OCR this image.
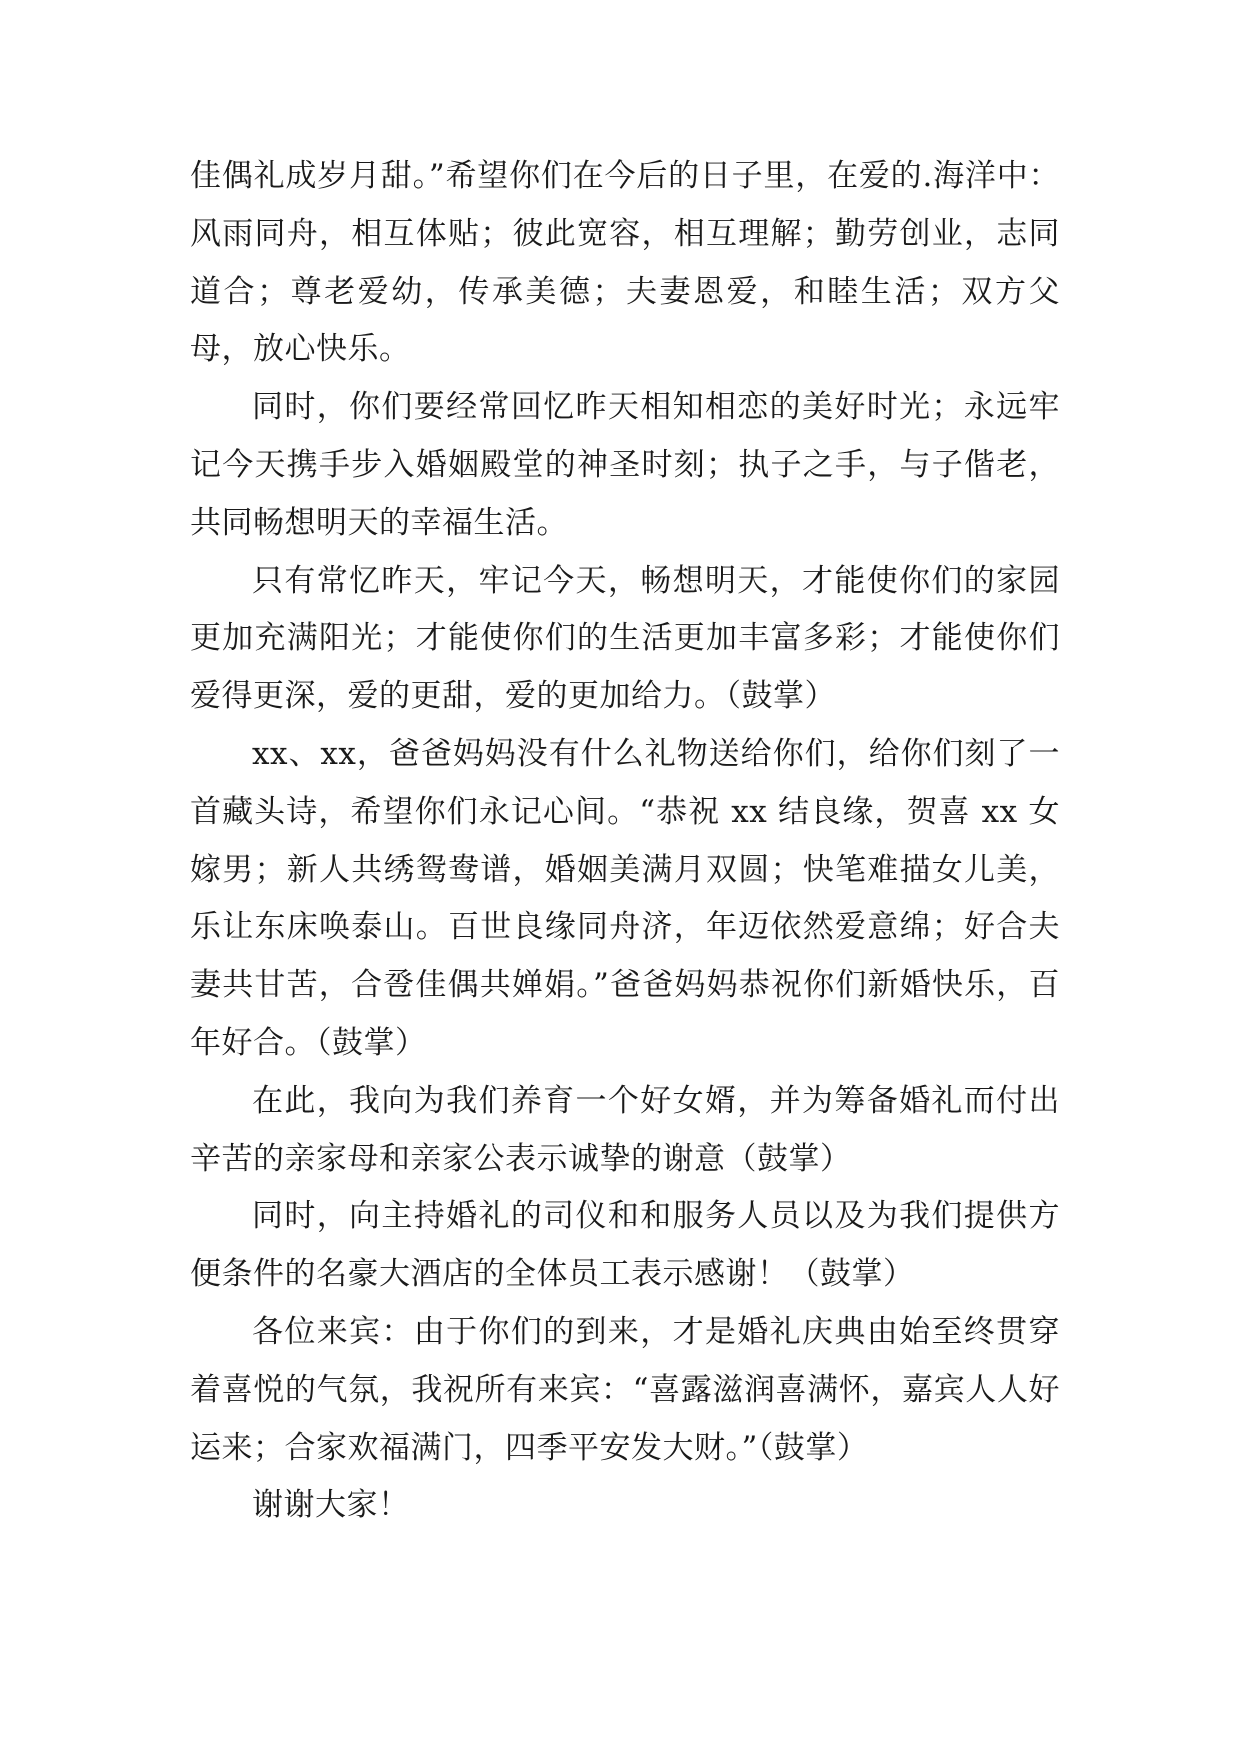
佳偶礼成岁月甜。”希望你们在今后的日子里，在爱的.海洋中：风雨同舟，相互体贴；彼此宽容，相互理解；勤劳创业，志同道合；尊老爱幼，传承美德；夫妻恩爱，和睦生活；双方父母，放心快乐。

同时，你们要经常回忆昨天相知相恋的美好时光；永远牢记今天携手步入婚姻殿堂的神圣时刻；执子之手，与子偕老，共同畅想明天的幸福生活。

只有常忆昨天，牢记今天，畅想明天，才能使你们的家园更加充满阳光；才能使你们的生活更加丰富多彩；才能使你们爱得更深，爱的更甜，爱的更加给力。（鼓掌）

xx、xx，爸爸妈妈没有什么礼物送给你们，给你们刻了一首藏头诗，希望你们永记心间。“恭祝 xx 结良缘，贺喜 xx 女嫁男；新人共绣鸳鸯谱，婚姻美满月双圆；快笔难描女儿美，乐让东床唤泰山。百世良缘同舟济，年迈依然爱意绵；好合夫妻共甘苦，合卺佳偶共婵娟。”爸爸妈妈恭祝你们新婚快乐，百年好合。（鼓掌）

在此，我向为我们养育一个好女婿，并为筹备婚礼而付出辛苦的亲家母和亲家公表示诚挚的谢意（鼓掌）

同时，向主持婚礼的司仪和和服务人员以及为我们提供方便条件的名豪大酒店的全体员工表示感谢！（鼓掌）

各位来宾：由于你们的到来，才是婚礼庆典由始至终贯穿着喜悦的气氛，我祝所有来宾：“喜露滋润喜满怀，嘉宾人人好运来；合家欢福满门，四季平安发大财。”（鼓掌）

谢谢大家！
